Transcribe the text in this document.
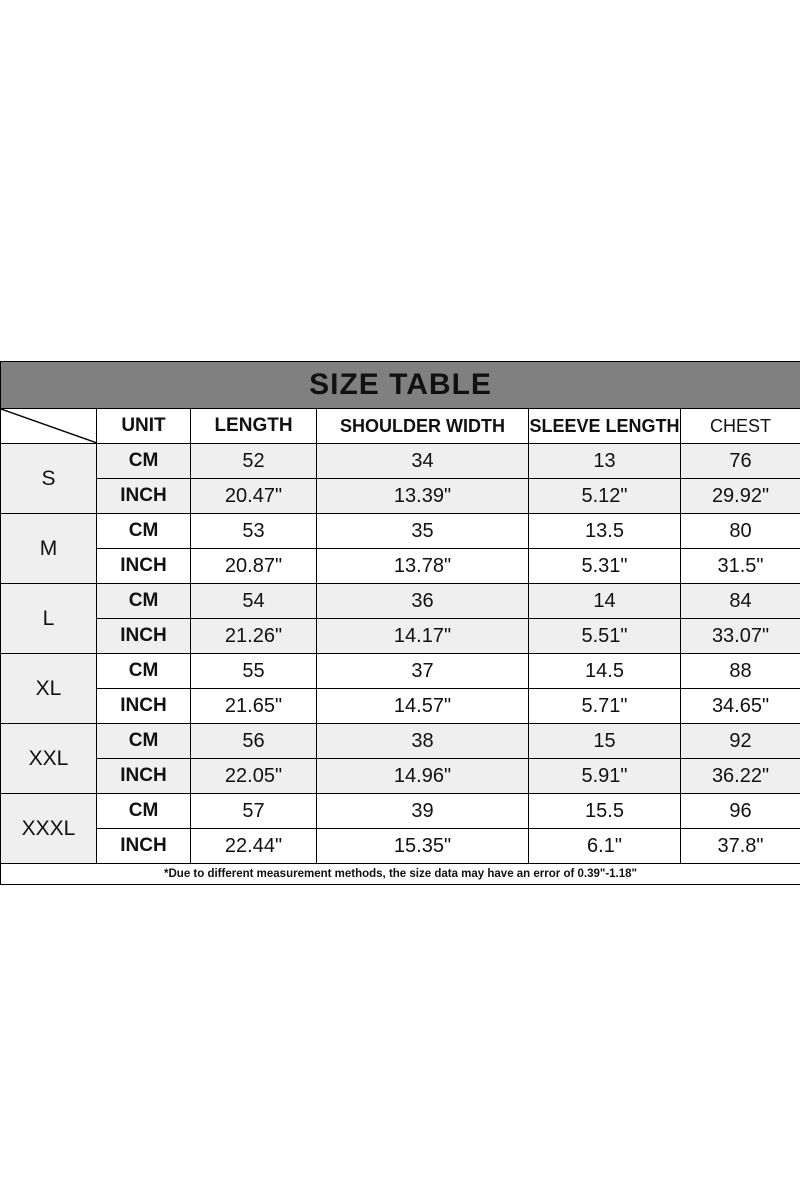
SIZE TABLE					

	UNIT	LENGTH	SHOULDER WIDTH	SLEEVE LENGTH	CHEST
S	CM	52	34	13	76
	INCH	20.47"	13.39"	5.12"	29.92"
M	CM	53	35	13.5	80
	INCH	20.87"	13.78"	5.31"	31.5"
L	CM	54	36	14	84
	INCH	21.26"	14.17"	5.51"	33.07"
XL	CM	55	37	14.5	88
	INCH	21.65"	14.57"	5.71"	34.65"
XXL	CM	56	38	15	92
	INCH	22.05"	14.96"	5.91"	36.22"
XXXL	CM	57	39	15.5	96
	INCH	22.44"	15.35"	6.1"	37.8"
*Due to different measurement methods, the size data may have an error of 0.39"-1.18"					
